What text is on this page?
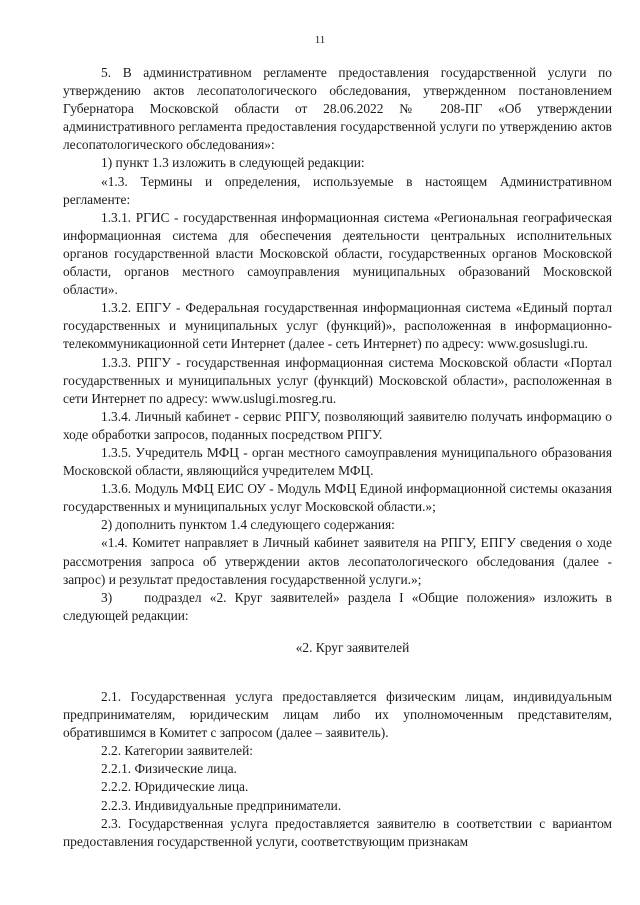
11

5. В административном регламенте предоставления государственной услуги по утверждению актов лесопатологического обследования, утвержденном постановлением Губернатора Московской области от 28.06.2022 № 208-ПГ «Об утверждении административного регламента предоставления государственной услуги по утверждению актов лесопатологического обследования»:

1) пункт 1.3 изложить в следующей редакции:

«1.3. Термины и определения, используемые в настоящем Административном регламенте:

1.3.1. РГИС - государственная информационная система «Региональная географическая информационная система для обеспечения деятельности центральных исполнительных органов государственной власти Московской области, государственных органов Московской области, органов местного самоуправления муниципальных образований Московской области».

1.3.2. ЕПГУ - Федеральная государственная информационная система «Единый портал государственных и муниципальных услуг (функций)», расположенная в информационно-телекоммуникационной сети Интернет (далее - сеть Интернет) по адресу: www.gosuslugi.ru.

1.3.3. РПГУ - государственная информационная система Московской области «Портал государственных и муниципальных услуг (функций) Московской области», расположенная в сети Интернет по адресу: www.uslugi.mosreg.ru.

1.3.4. Личный кабинет - сервис РПГУ, позволяющий заявителю получать информацию о ходе обработки запросов, поданных посредством РПГУ.

1.3.5. Учредитель МФЦ - орган местного самоуправления муниципального образования Московской области, являющийся учредителем МФЦ.

1.3.6. Модуль МФЦ ЕИС ОУ - Модуль МФЦ Единой информационной системы оказания государственных и муниципальных услуг Московской области.»;

2) дополнить пунктом 1.4 следующего содержания:

«1.4. Комитет направляет в Личный кабинет заявителя на РПГУ, ЕПГУ сведения о ходе рассмотрения запроса об утверждении актов лесопатологического обследования (далее - запрос) и результат предоставления государственной услуги.»;

3) подраздел «2. Круг заявителей» раздела I «Общие положения» изложить в следующей редакции:

«2. Круг заявителей

2.1. Государственная услуга предоставляется физическим лицам, индивидуальным предпринимателям, юридическим лицам либо их уполномоченным представителям, обратившимся в Комитет с запросом (далее – заявитель).

2.2. Категории заявителей:

2.2.1. Физические лица.

2.2.2. Юридические лица.

2.2.3. Индивидуальные предприниматели.

2.3. Государственная услуга предоставляется заявителю в соответствии с вариантом предоставления государственной услуги, соответствующим признакам
